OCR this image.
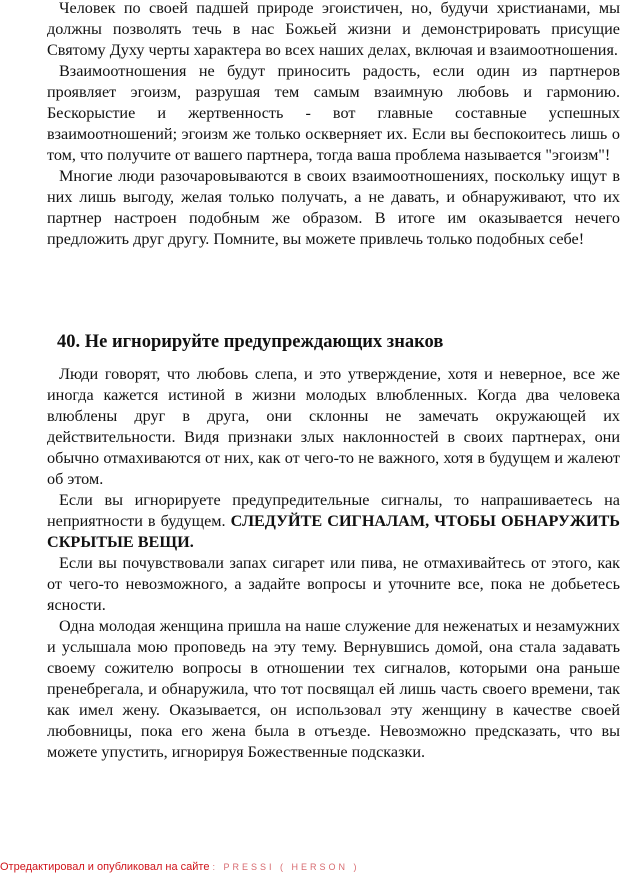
Человек по своей падшей природе эгоистичен, но, будучи христианами, мы должны позволять течь в нас Божьей жизни и демонстрировать присущие Святому Духу черты характера во всех наших делах, включая и взаимоотношения.

Взаимоотношения не будут приносить радость, если один из партнеров проявляет эгоизм, разрушая тем самым взаимную любовь и гармонию. Бескорыстие и жертвенность - вот главные составные успешных взаимоотношений; эгоизм же только оскверняет их. Если вы беспокоитесь лишь о том, что получите от вашего партнера, тогда ваша проблема называется "эгоизм"!

Многие люди разочаровываются в своих взаимоотношениях, поскольку ищут в них лишь выгоду, желая только получать, а не давать, и обнаруживают, что их партнер настроен подобным же образом. В итоге им оказывается нечего предложить друг другу. Помните, вы можете привлечь только подобных себе!

40. Не игнорируйте предупреждающих знаков

Люди говорят, что любовь слепа, и это утверждение, хотя и неверное, все же иногда кажется истиной в жизни молодых влюбленных. Когда два человека влюблены друг в друга, они склонны не замечать окружающей их действительности. Видя признаки злых наклонностей в своих партнерах, они обычно отмахиваются от них, как от чего-то не важного, хотя в будущем и жалеют об этом.

Если вы игнорируете предупредительные сигналы, то напрашиваетесь на неприятности в будущем. СЛЕДУЙТЕ СИГНАЛАМ, ЧТОБЫ ОБНАРУЖИТЬ СКРЫТЫЕ ВЕЩИ.

Если вы почувствовали запах сигарет или пива, не отмахивайтесь от этого, как от чего-то невозможного, а задайте вопросы и уточните все, пока не добьетесь ясности.

Одна молодая женщина пришла на наше служение для неженатых и незамужних и услышала мою проповедь на эту тему. Вернувшись домой, она стала задавать своему сожителю вопросы в отношении тех сигналов, которыми она раньше пренебрегала, и обнаружила, что тот посвящал ей лишь часть своего времени, так как имел жену. Оказывается, он использовал эту женщину в качестве своей любовницы, пока его жена была в отъезде. Невозможно предсказать, что вы можете упустить, игнорируя Божественные подсказки.

Отредактировал и опубликовал на сайте : PRESSI ( HERSON )
